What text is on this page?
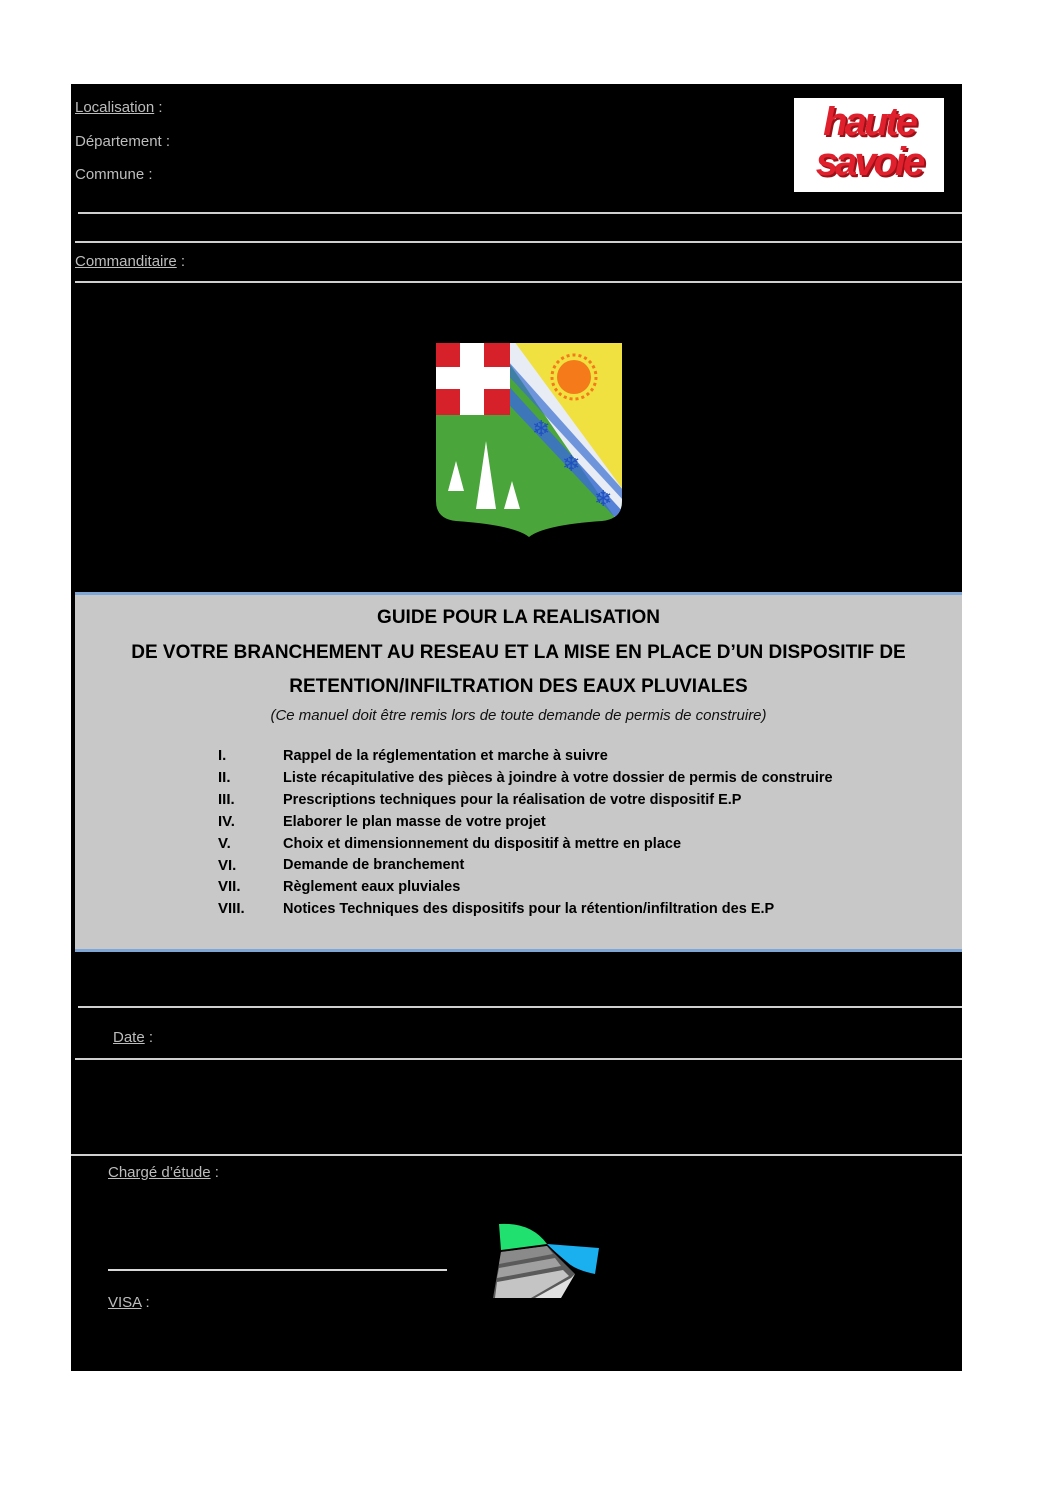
Localisation :
Département :
Commune :
haute
savoie
Commanditaire :
❄
❄
❄
GUIDE POUR LA REALISATION
DE VOTRE BRANCHEMENT AU RESEAU ET LA MISE EN PLACE D’UN DISPOSITIF DE
RETENTION/INFILTRATION DES EAUX PLUVIALES
(Ce manuel doit être remis lors de toute demande de permis de construire)
I.	Rappel de la réglementation et marche à suivre
II.	Liste récapitulative des pièces à joindre à votre dossier de permis de construire
III.	Prescriptions techniques pour la réalisation de votre dispositif E.P
IV.	Elaborer le plan masse de votre projet
V.	Choix et dimensionnement du dispositif à mettre en place
VI.	Demande de branchement
VII.	Règlement eaux pluviales
VIII.	Notices Techniques des dispositifs pour la rétention/infiltration des E.P
Date :
Chargé d’étude :
VISA :
